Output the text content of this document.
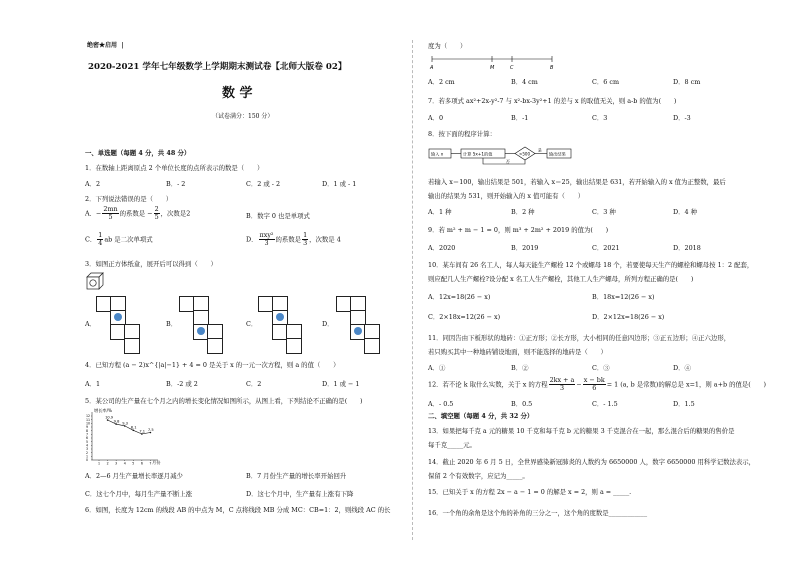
绝密★启用 |
2020-2021 学年七年级数学上学期期末测试卷【北师大版卷 02】
数 学
（试卷满分：150 分）
一、单选题（每题 4 分，共 48 分）
1．在数轴上距离原点 2 个单位长度的点所表示的数是（　　）
A．2	B．- 2	C．2 或 - 2	D．1 或 - 1
2．下列说法错误的是（　　）
A．− $\frac{2mn}{5}$ 的系数是 − $\frac{2}{5}$ ，次数是2	B．数字 0 也是单项式
C． $\frac{1}{4}$ ab 是二次单项式	D． $\frac{\text{πxy²}}{3}$ 的系数是 $\frac{1}{3}$ ，次数是 4
3．如图正方体纸盒，展开后可以得到（　　）
A．	B．	C．	D．
4．已知方程 (a − 2)x^{|a|−1} + 4 = 0 是关于 x 的一元一次方程，则 a 的值（　　）
A．1	B．-2 或 2	C．2	D．1 或 − 1
5．某公司的生产量在七个月之内的增长变化情况如图所示，从图上看，下列结论不正确的是(　　)
增长率/%
月份
12
11
10
9
8
7
6
5
4
3
2
1
0
1 2 3 4 5 6 7
10.9
9.8 9.3
8.1
7.1 7.5
A．2—6 月生产量增长率逐月减少	B．7 月份生产量的增长率开始回升
C．这七个月中，每月生产量不断上涨	D．这七个月中，生产量有上涨有下降
6．如图，长度为 12cm 的线段 AB 的中点为 M，C 点将线段 MB 分成 MC：CB=1：2，则线段 AC 的长
度为（　　）
A	M	C	B
A．2 cm	B．4 cm	C．6 cm	D．8 cm
7．若多项式 ax²+2x-y²-7 与 x²-bx-3y²+1 的差与 x 的取值无关，则 a-b 的值为(　　)
A．0	B．-1	C．3	D．-3
8．按下面的程序计算：
输入 x	计算 5x+1的值	>500
是
输出结果
否
若输入 x＝100，输出结果是 501，若输入 x＝25，输出结果是 631，若开始输入的 x 值为正整数，最后
输出的结果为 531，则开始输入的 x 值可能有（　　）
A．1 种	B．2 种	C．3 种	D．4 种
9．若 m² + m − 1 = 0，则 m³ + 2m² + 2019 的值为(　　)
A．2020	B．2019	C．2021	D．2018
10．某车间有 26 名工人，每人每天能生产螺栓 12 个或螺母 18 个，若要使每天生产的螺栓和螺母按 1：2 配套，
则应配几人生产螺栓?设分配 x 名工人生产螺栓，其他工人生产螺母，所列方程正确的是(　　)
A．12x=18(26 − x)	B．18x=12(26 − x)
C．2×18x=12(26 − x)	D．2×12x=18(26 − x)
11．同因告由下板形状的地砖：①正方形；②长方形，大小相同的任意四边形；③正五边形；④正六边形，
若只购买其中一种地砖铺设地面，则不能选择的地砖是（　　）
A．①	B．②	C．③	D．④
12．若不论 k 取什么实数，关于 x 的方程 $\frac{2kx + a}{3} - \frac{x - bk}{6} = 1$ (a, b 是常数)的解总是 x=1，则 a+b 的值是(　　)
A．- 0.5	B．0.5	C．- 1.5	D．1.5
二、填空题（每题 4 分，共 32 分）
13．如果把每千克 a 元的糖果 10 千克和每千克 b 元的糖果 3 千克混合在一起，那么混合后的糖果的售价是
每千克_____元。
14．截止 2020 年 6 月 5 日，全世界感染新冠肺炎的人数约为 6650000 人，数字 6650000 用科学记数法表示，
保留 2 个有效数字，应记为_____。
15．已知关于 x 的方程 2x − a − 1 = 0 的解是 x = 2，则 a = _____.
16．一个角的余角是这个角的补角的三分之一，这个角的度数是____________
